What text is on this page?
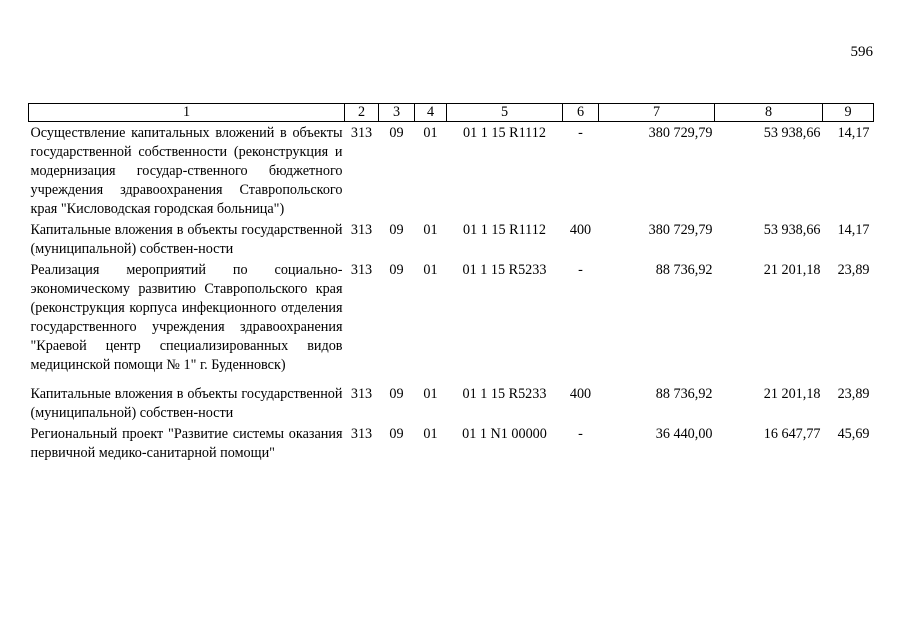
596
1	2	3	4	5	6	7	8	9
Осуществление капитальных вложений в объекты государственной собственности (реконструкция и модернизация государ-ственного бюджетного учреждения здравоохранения Ставропольского края "Кисловодская городская больница")	313	09	01	01 1 15 R1112	-	380 729,79	53 938,66	14,17
Капитальные вложения в объекты государственной (муниципальной) собствен-ности	313	09	01	01 1 15 R1112	400	380 729,79	53 938,66	14,17
Реализация мероприятий по социально-экономическому развитию Ставропольского края (реконструкция корпуса инфекционного отделения государственного учреждения здравоохранения "Краевой центр специализированных видов медицинской помощи № 1" г. Буденновск)	313	09	01	01 1 15 R5233	-	88 736,92	21 201,18	23,89

Капитальные вложения в объекты государственной (муниципальной) собствен-ности	313	09	01	01 1 15 R5233	400	88 736,92	21 201,18	23,89
Региональный проект "Развитие системы оказания первичной медико-санитарной помощи"	313	09	01	01 1 N1 00000	-	36 440,00	16 647,77	45,69
